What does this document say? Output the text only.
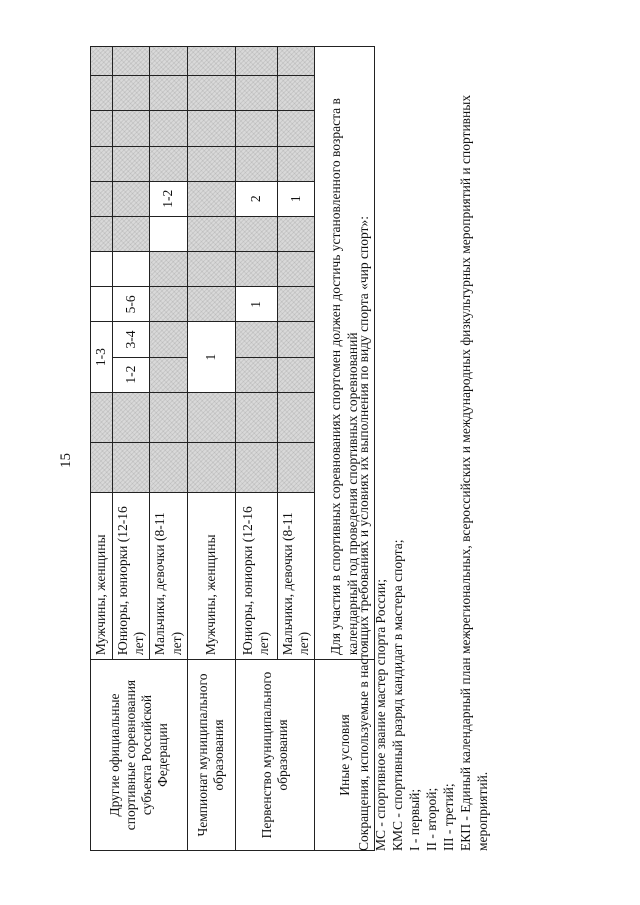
15
Другие официальные спортивные соревнования субъекта Российской Федерации	Мужчины, женщины			1-3									
	Юниоры, юниорки (12-16 лет)			1-2	3-4	5-6							
	Мальчики, девочки (8-11 лет)								1-2				
Чемпионат муниципального образования	Мужчины, женщины			1									
Первенство муниципального образования	Юниоры, юниорки (12-16 лет)					1			2				
	Мальчики, девочки (8-11 лет)								1				
Иные условия	Для участия в спортивных соревнованиях спортсмен должен достичь установленного возраста в календарный год проведения спортивных соревнований												
Сокращения, используемые в настоящих требованиях и условиях их выполнения по виду спорта «чир спорт»: МС - спортивное звание мастер спорта России; КМС - спортивный разряд кандидат в мастера спорта; I - первый; II - второй; III - третий; ЕКП - Единый календарный план межрегиональных, всероссийских и международных физкультурных мероприятий и спортивных мероприятий.
